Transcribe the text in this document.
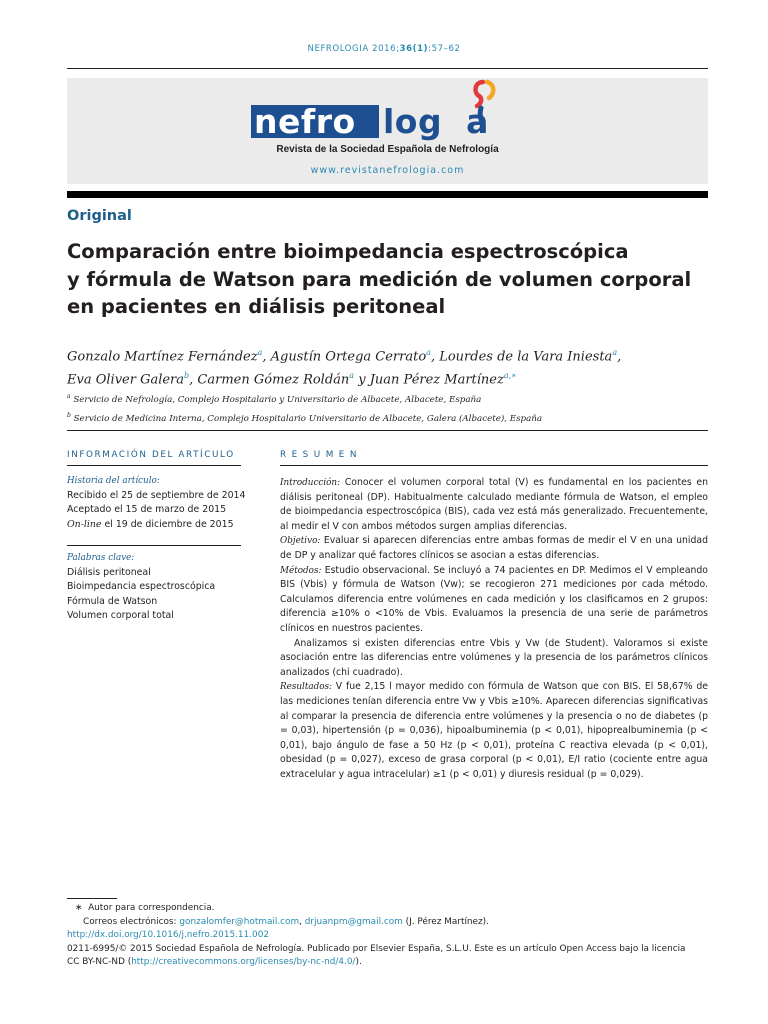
NEFROLOGIA 2016;36(1):57–62
nefro log a
Revista de la Sociedad Española de Nefrología
www.revistanefrologia.com
Original
Comparación entre bioimpedancia espectroscópica
y fórmula de Watson para medición de volumen corporal
en pacientes en diálisis peritoneal
Gonzalo Martínez Fernández$^a$, Agustín Ortega Cerrato$^a$, Lourdes de la Vara Iniesta$^a$,
Eva Oliver Galera$^b$, Carmen Gómez Roldán$^a$ y Juan Pérez Martínez$^{a,∗}$
$^a$ Servicio de Nefrología, Complejo Hospitalario y Universitario de Albacete, Albacete, España
$^b$ Servicio de Medicina Interna, Complejo Hospitalario Universitario de Albacete, Galera (Albacete), España
INFORMACIÓN DEL ARTÍCULO
Historia del artículo:
Recibido el 25 de septiembre de 2014
Aceptado el 15 de marzo de 2015
On-line el 19 de diciembre de 2015
Palabras clave:
Diálisis peritoneal
Bioimpedancia espectroscópica
Fórmula de Watson
Volumen corporal total
RESUMEN

Introducción: Conocer el volumen corporal total (V) es fundamental en los pacientes en diálisis peritoneal (DP). Habitualmente calculado mediante fórmula de Watson, el empleo de bioimpedancia espectroscópica (BIS), cada vez está más generalizado. Frecuentemente, al medir el V con ambos métodos surgen amplias diferencias.

Objetivo: Evaluar si aparecen diferencias entre ambas formas de medir el V en una unidad de DP y analizar qué factores clínicos se asocian a estas diferencias.

Métodos: Estudio observacional. Se incluyó a 74 pacientes en DP. Medimos el V empleando BIS (Vbis) y fórmula de Watson (Vw); se recogieron 271 mediciones por cada método. Calculamos diferencia entre volúmenes en cada medición y los clasificamos en 2 grupos: diferencia ≥10% o <10% de Vbis. Evaluamos la presencia de una serie de parámetros clínicos en nuestros pacientes.

Analizamos si existen diferencias entre Vbis y Vw (de Student). Valoramos si existe asociación entre las diferencias entre volúmenes y la presencia de los parámetros clínicos analizados (chi cuadrado).

Resultados: V fue 2,15 l mayor medido con fórmula de Watson que con BIS. El 58,67% de las mediciones tenían diferencia entre Vw y Vbis ≥10%. Aparecen diferencias significativas al comparar la presencia de diferencia entre volúmenes y la presencia o no de diabetes (p = 0,03), hipertensión (p = 0,036), hipoalbuminemia (p < 0,01), hipoprealbuminemia (p < 0,01), bajo ángulo de fase a 50 Hz (p < 0,01), proteína C reactiva elevada (p < 0,01), obesidad (p = 0,027), exceso de grasa corporal (p < 0,01), E/I ratio (cociente entre agua extracelular y agua intracelular) ≥1 (p < 0,01) y diuresis residual (p = 0,029).

∗ Autor para correspondencia.
Correos electrónicos: gonzalomfer@hotmail.com, drjuanpm@gmail.com (J. Pérez Martínez).
http://dx.doi.org/10.1016/j.nefro.2015.11.002
0211-6995/© 2015 Sociedad Española de Nefrología. Publicado por Elsevier España, S.L.U. Este es un artículo Open Access bajo la licencia
CC BY-NC-ND (http://creativecommons.org/licenses/by-nc-nd/4.0/).
